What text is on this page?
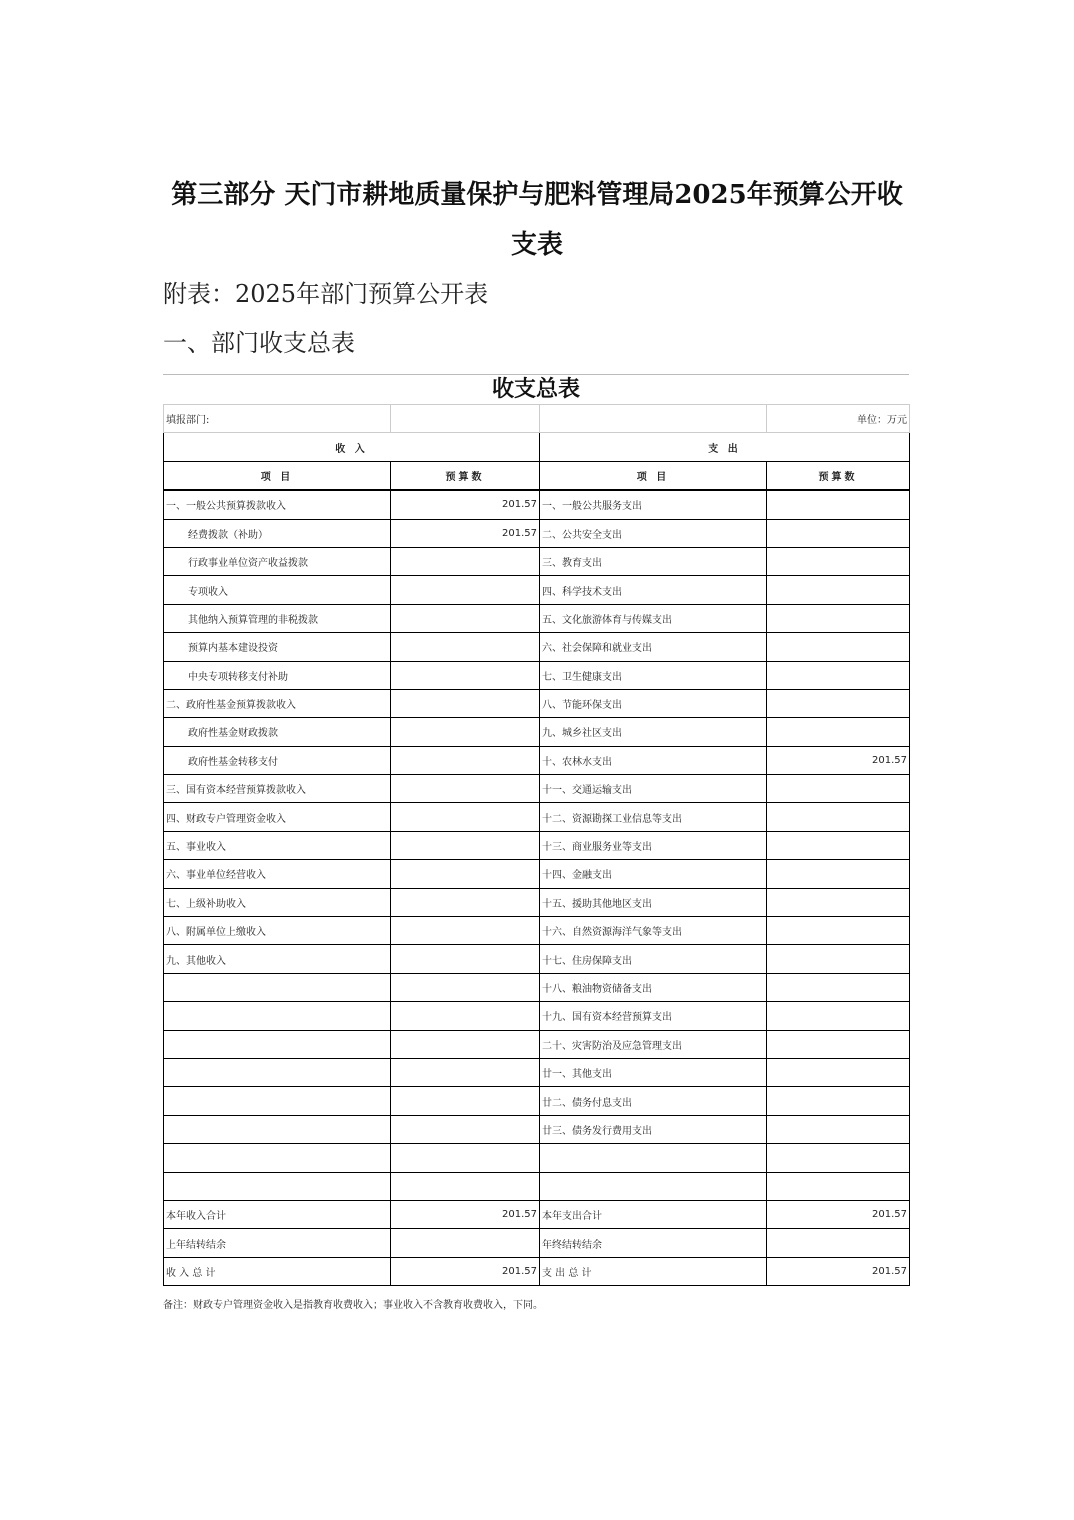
第三部分 天门市耕地质量保护与肥料管理局2025年预算公开收
支表
附表：2025年部门预算公开表
一、部门收支总表
收支总表
填报部门:			单位：万元
收 入		支 出	
项 目	预算数	项 目	预算数
一、一般公共预算拨款收入	201.57	一、一般公共服务支出	
经费拨款（补助）	201.57	二、公共安全支出	
行政事业单位资产收益拨款		三、教育支出	
专项收入		四、科学技术支出	
其他纳入预算管理的非税拨款		五、文化旅游体育与传媒支出	
预算内基本建设投资		六、社会保障和就业支出	
中央专项转移支付补助		七、卫生健康支出	
二、政府性基金预算拨款收入		八、节能环保支出	
政府性基金财政拨款		九、城乡社区支出	
政府性基金转移支付		十、农林水支出	201.57
三、国有资本经营预算拨款收入		十一、交通运输支出	
四、财政专户管理资金收入		十二、资源勘探工业信息等支出	
五、事业收入		十三、商业服务业等支出	
六、事业单位经营收入		十四、金融支出	
七、上级补助收入		十五、援助其他地区支出	
八、附属单位上缴收入		十六、自然资源海洋气象等支出	
九、其他收入		十七、住房保障支出	
		十八、粮油物资储备支出	
		十九、国有资本经营预算支出	
		二十、灾害防治及应急管理支出	
		廿一、其他支出	
		廿二、债务付息支出	
		廿三、债务发行费用支出	

本年收入合计	201.57	本年支出合计	201.57
上年结转结余		年终结转结余	
收 入 总 计	201.57	支 出 总 计	201.57
备注：财政专户管理资金收入是指教育收费收入；事业收入不含教育收费收入，下同。
